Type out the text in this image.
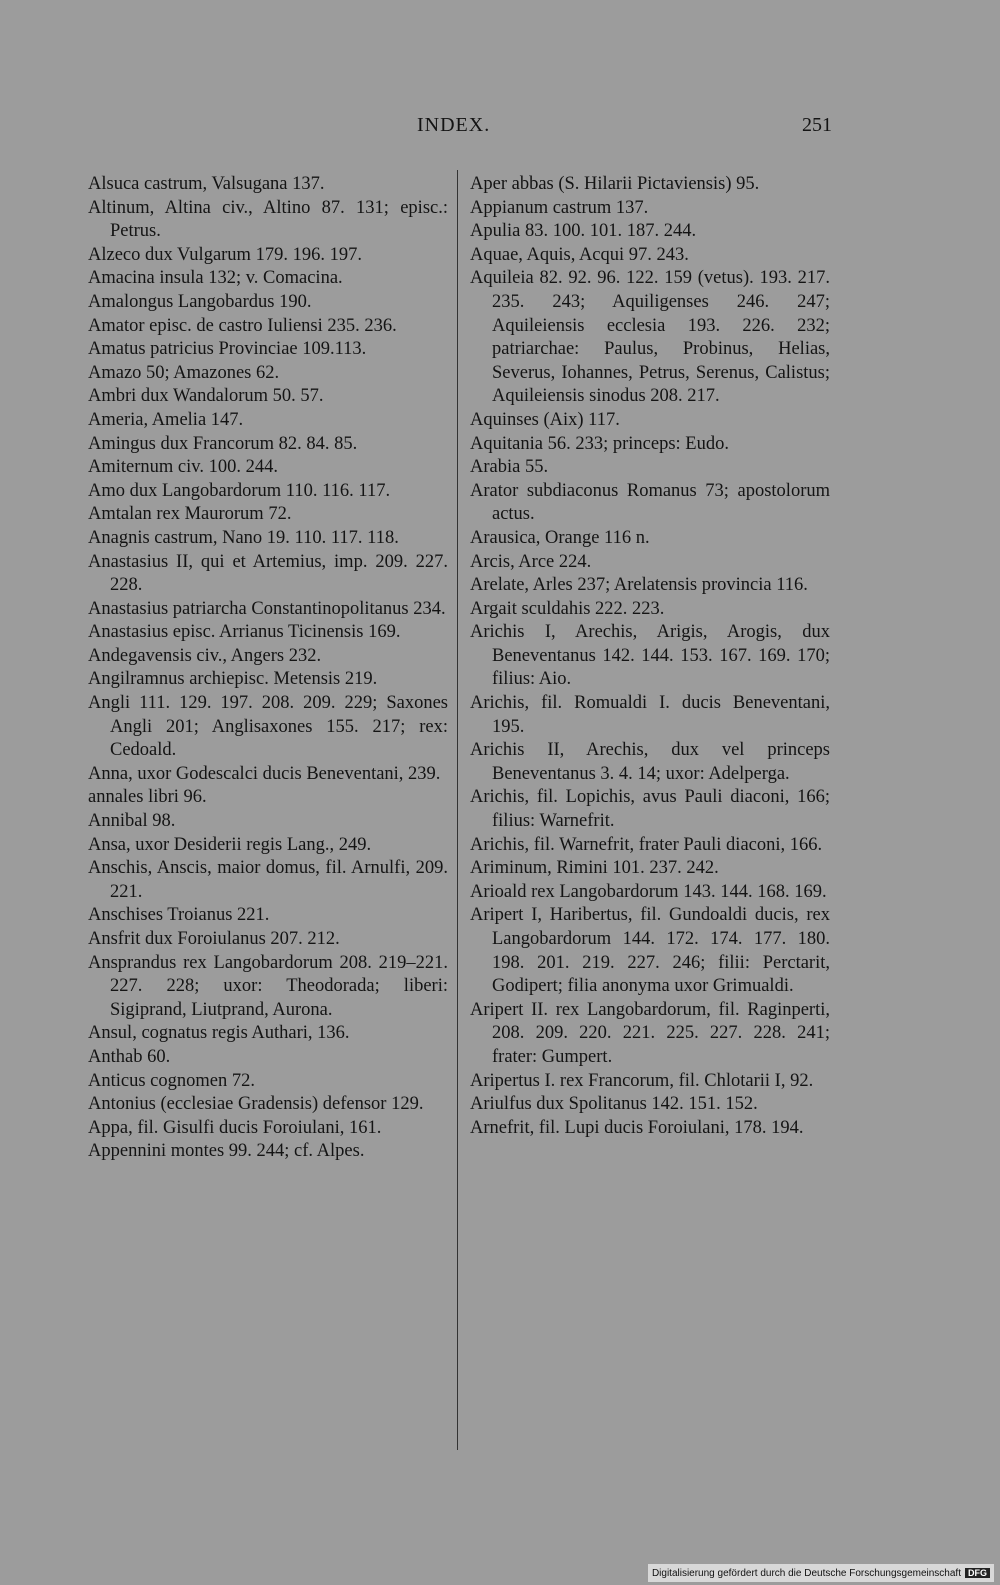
INDEX.	251
Alsuca castrum, Valsugana 137.
Altinum, Altina civ., Altino 87. 131; episc.: Petrus.
Alzeco dux Vulgarum 179. 196. 197.
Amacina insula 132; v. Comacina.
Amalongus Langobardus 190.
Amator episc. de castro Iuliensi 235. 236.
Amatus patricius Provinciae 109.113.
Amazo 50; Amazones 62.
Ambri dux Wandalorum 50. 57.
Ameria, Amelia 147.
Amingus dux Francorum 82. 84. 85.
Amiternum civ. 100. 244.
Amo dux Langobardorum 110. 116. 117.
Amtalan rex Maurorum 72.
Anagnis castrum, Nano 19. 110. 117. 118.
Anastasius II, qui et Artemius, imp. 209. 227. 228.
Anastasius patriarcha Constantinopolitanus 234.
Anastasius episc. Arrianus Ticinensis 169.
Andegavensis civ., Angers 232.
Angilramnus archiepisc. Metensis 219.
Angli 111. 129. 197. 208. 209. 229; Saxones Angli 201; Anglisaxones 155. 217; rex: Cedoald.
Anna, uxor Godescalci ducis Beneventani, 239.
annales libri 96.
Annibal 98.
Ansa, uxor Desiderii regis Lang., 249.
Anschis, Anscis, maior domus, fil. Arnulfi, 209. 221.
Anschises Troianus 221.
Ansfrit dux Foroiulanus 207. 212.
Ansprandus rex Langobardorum 208. 219–221. 227. 228; uxor: Theodorada; liberi: Sigiprand, Liutprand, Aurona.
Ansul, cognatus regis Authari, 136.
Anthab 60.
Anticus cognomen 72.
Antonius (ecclesiae Gradensis) defensor 129.
Appa, fil. Gisulfi ducis Foroiulani, 161.
Appennini montes 99. 244; cf. Alpes.
Aper abbas (S. Hilarii Pictaviensis) 95.
Appianum castrum 137.
Apulia 83. 100. 101. 187. 244.
Aquae, Aquis, Acqui 97. 243.
Aquileia 82. 92. 96. 122. 159 (vetus). 193. 217. 235. 243; Aquiligenses 246. 247; Aquileiensis ecclesia 193. 226. 232; patriarchae: Paulus, Probinus, Helias, Severus, Iohannes, Petrus, Serenus, Calistus; Aquileiensis sinodus 208. 217.
Aquinses (Aix) 117.
Aquitania 56. 233; princeps: Eudo.
Arabia 55.
Arator subdiaconus Romanus 73; apostolorum actus.
Arausica, Orange 116 n.
Arcis, Arce 224.
Arelate, Arles 237; Arelatensis provincia 116.
Argait sculdahis 222. 223.
Arichis I, Arechis, Arigis, Arogis, dux Beneventanus 142. 144. 153. 167. 169. 170; filius: Aio.
Arichis, fil. Romualdi I. ducis Beneventani, 195.
Arichis II, Arechis, dux vel princeps Beneventanus 3. 4. 14; uxor: Adelperga.
Arichis, fil. Lopichis, avus Pauli diaconi, 166; filius: Warnefrit.
Arichis, fil. Warnefrit, frater Pauli diaconi, 166.
Ariminum, Rimini 101. 237. 242.
Arioald rex Langobardorum 143. 144. 168. 169.
Aripert I, Haribertus, fil. Gundoaldi ducis, rex Langobardorum 144. 172. 174. 177. 180. 198. 201. 219. 227. 246; filii: Perctarit, Godipert; filia anonyma uxor Grimualdi.
Aripert II. rex Langobardorum, fil. Raginperti, 208. 209. 220. 221. 225. 227. 228. 241; frater: Gumpert.
Aripertus I. rex Francorum, fil. Chlotarii I, 92.
Ariulfus dux Spolitanus 142. 151. 152.
Arnefrit, fil. Lupi ducis Foroiulani, 178. 194.
Digitalisierung gefördert durch die Deutsche Forschungsgemeinschaft DFG
